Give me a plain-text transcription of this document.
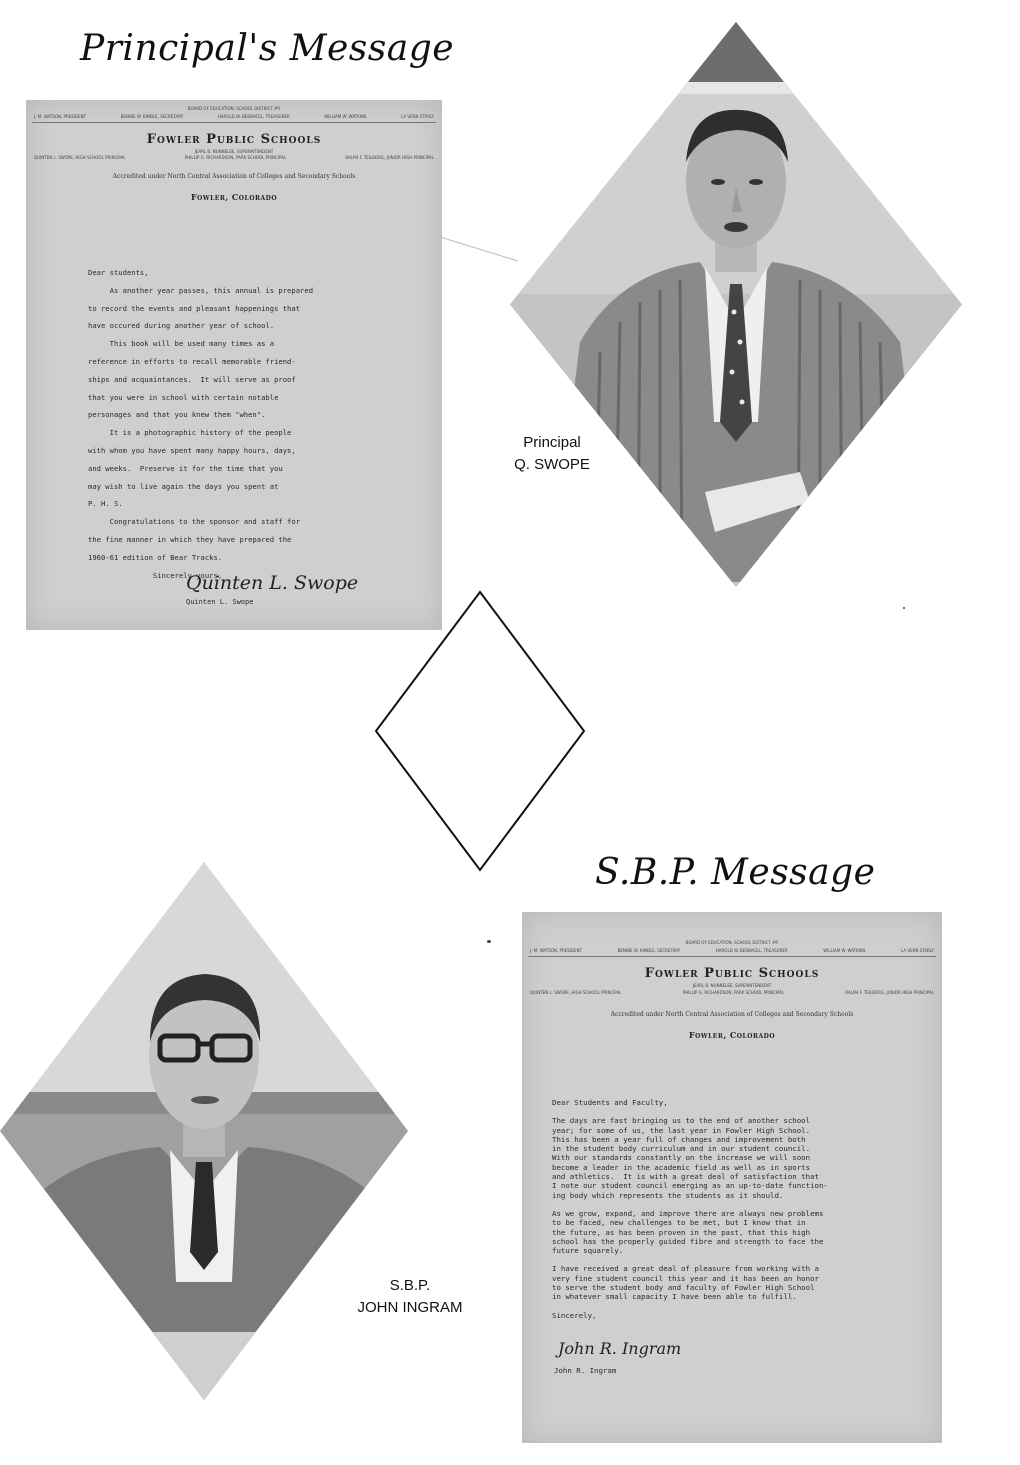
Principal's Message
S.B.P. Message
BOARD OF EDUCATION, SCHOOL DISTRICT #R
J. M. WATSON, PRESIDENT	BENNIE W. KIMBLE, SECRETARY	HAROLD W. BERBACEL, TREASURER	WILLIAM W. WATKINS	LA VERN STARLY
Fowler Public Schools
JEARL B. NUNNELEE, SUPERINTENDENT
QUINTEN L. SWOPE, HIGH SCHOOL PRINCIPAL	PHILLIP G. RICHARDSON, PARK SCHOOL PRINCIPAL	RALPH F. TEILBORG, JUNIOR HIGH PRINCIPAL
Accredited under North Central Association of Colleges and Secondary Schools
Fowler, Colorado
Dear students,
As another year passes, this annual is prepared
to record the events and pleasant happenings that
have occured during another year of school.
This book will be used many times as a
reference in efforts to recall memorable friend-
ships and acquaintances.  It will serve as proof
that you were in school with certain notable
personages and that you knew them "when".
It is a photographic history of the people
with whom you have spent many happy hours, days,
and weeks.  Preserve it for the time that you
may wish to live again the days you spent at
P. H. S.
Congratulations to the sponsor and staff for
the fine manner in which they have prepared the
1960-61 edition of Bear Tracks.
Sincerely yours,
Quinten L. Swope
Quinten L. Swope
Principal
Q. SWOPE
S.B.P.
JOHN INGRAM
BOARD OF EDUCATION, SCHOOL DISTRICT #R
J. M. WATSON, PRESIDENT	BENNIE W. KIMBLE, SECRETARY	HAROLD W. BERBACEL, TREASURER	WILLIAM W. WATKINS	LA VERN STARLY
Fowler Public Schools
JEARL B. NUNNELEE, SUPERINTENDENT
QUINTEN L. SWOPE, HIGH SCHOOL PRINCIPAL	PHILLIP G. RICHARDSON, PARK SCHOOL PRINCIPAL	RALPH F. TEILBORG, JUNIOR HIGH PRINCIPAL
Accredited under North Central Association of Colleges and Secondary Schools
Fowler, Colorado

Dear Students and Faculty,

The days are fast bringing us to the end of another school
year; for some of us, the last year in Fowler High School.
This has been a year full of changes and improvement both
in the student body curriculum and in our student council.
With our standards constantly on the increase we will soon
become a leader in the academic field as well as in sports
and athletics.  It is with a great deal of satisfaction that
I note our student council emerging as an up-to-date function-
ing body which represents the students as it should.

As we grow, expand, and improve there are always new problems
to be faced, new challenges to be met, but I know that in
the future, as has been proven in the past, that this high
school has the properly guided fibre and strength to face the
future squarely.

I have received a great deal of pleasure from working with a
very fine student council this year and it has been an honor
to serve the student body and faculty of Fowler High School
in whatever small capacity I have been able to fulfill.

Sincerely,

John R. Ingram
John R. Ingram
